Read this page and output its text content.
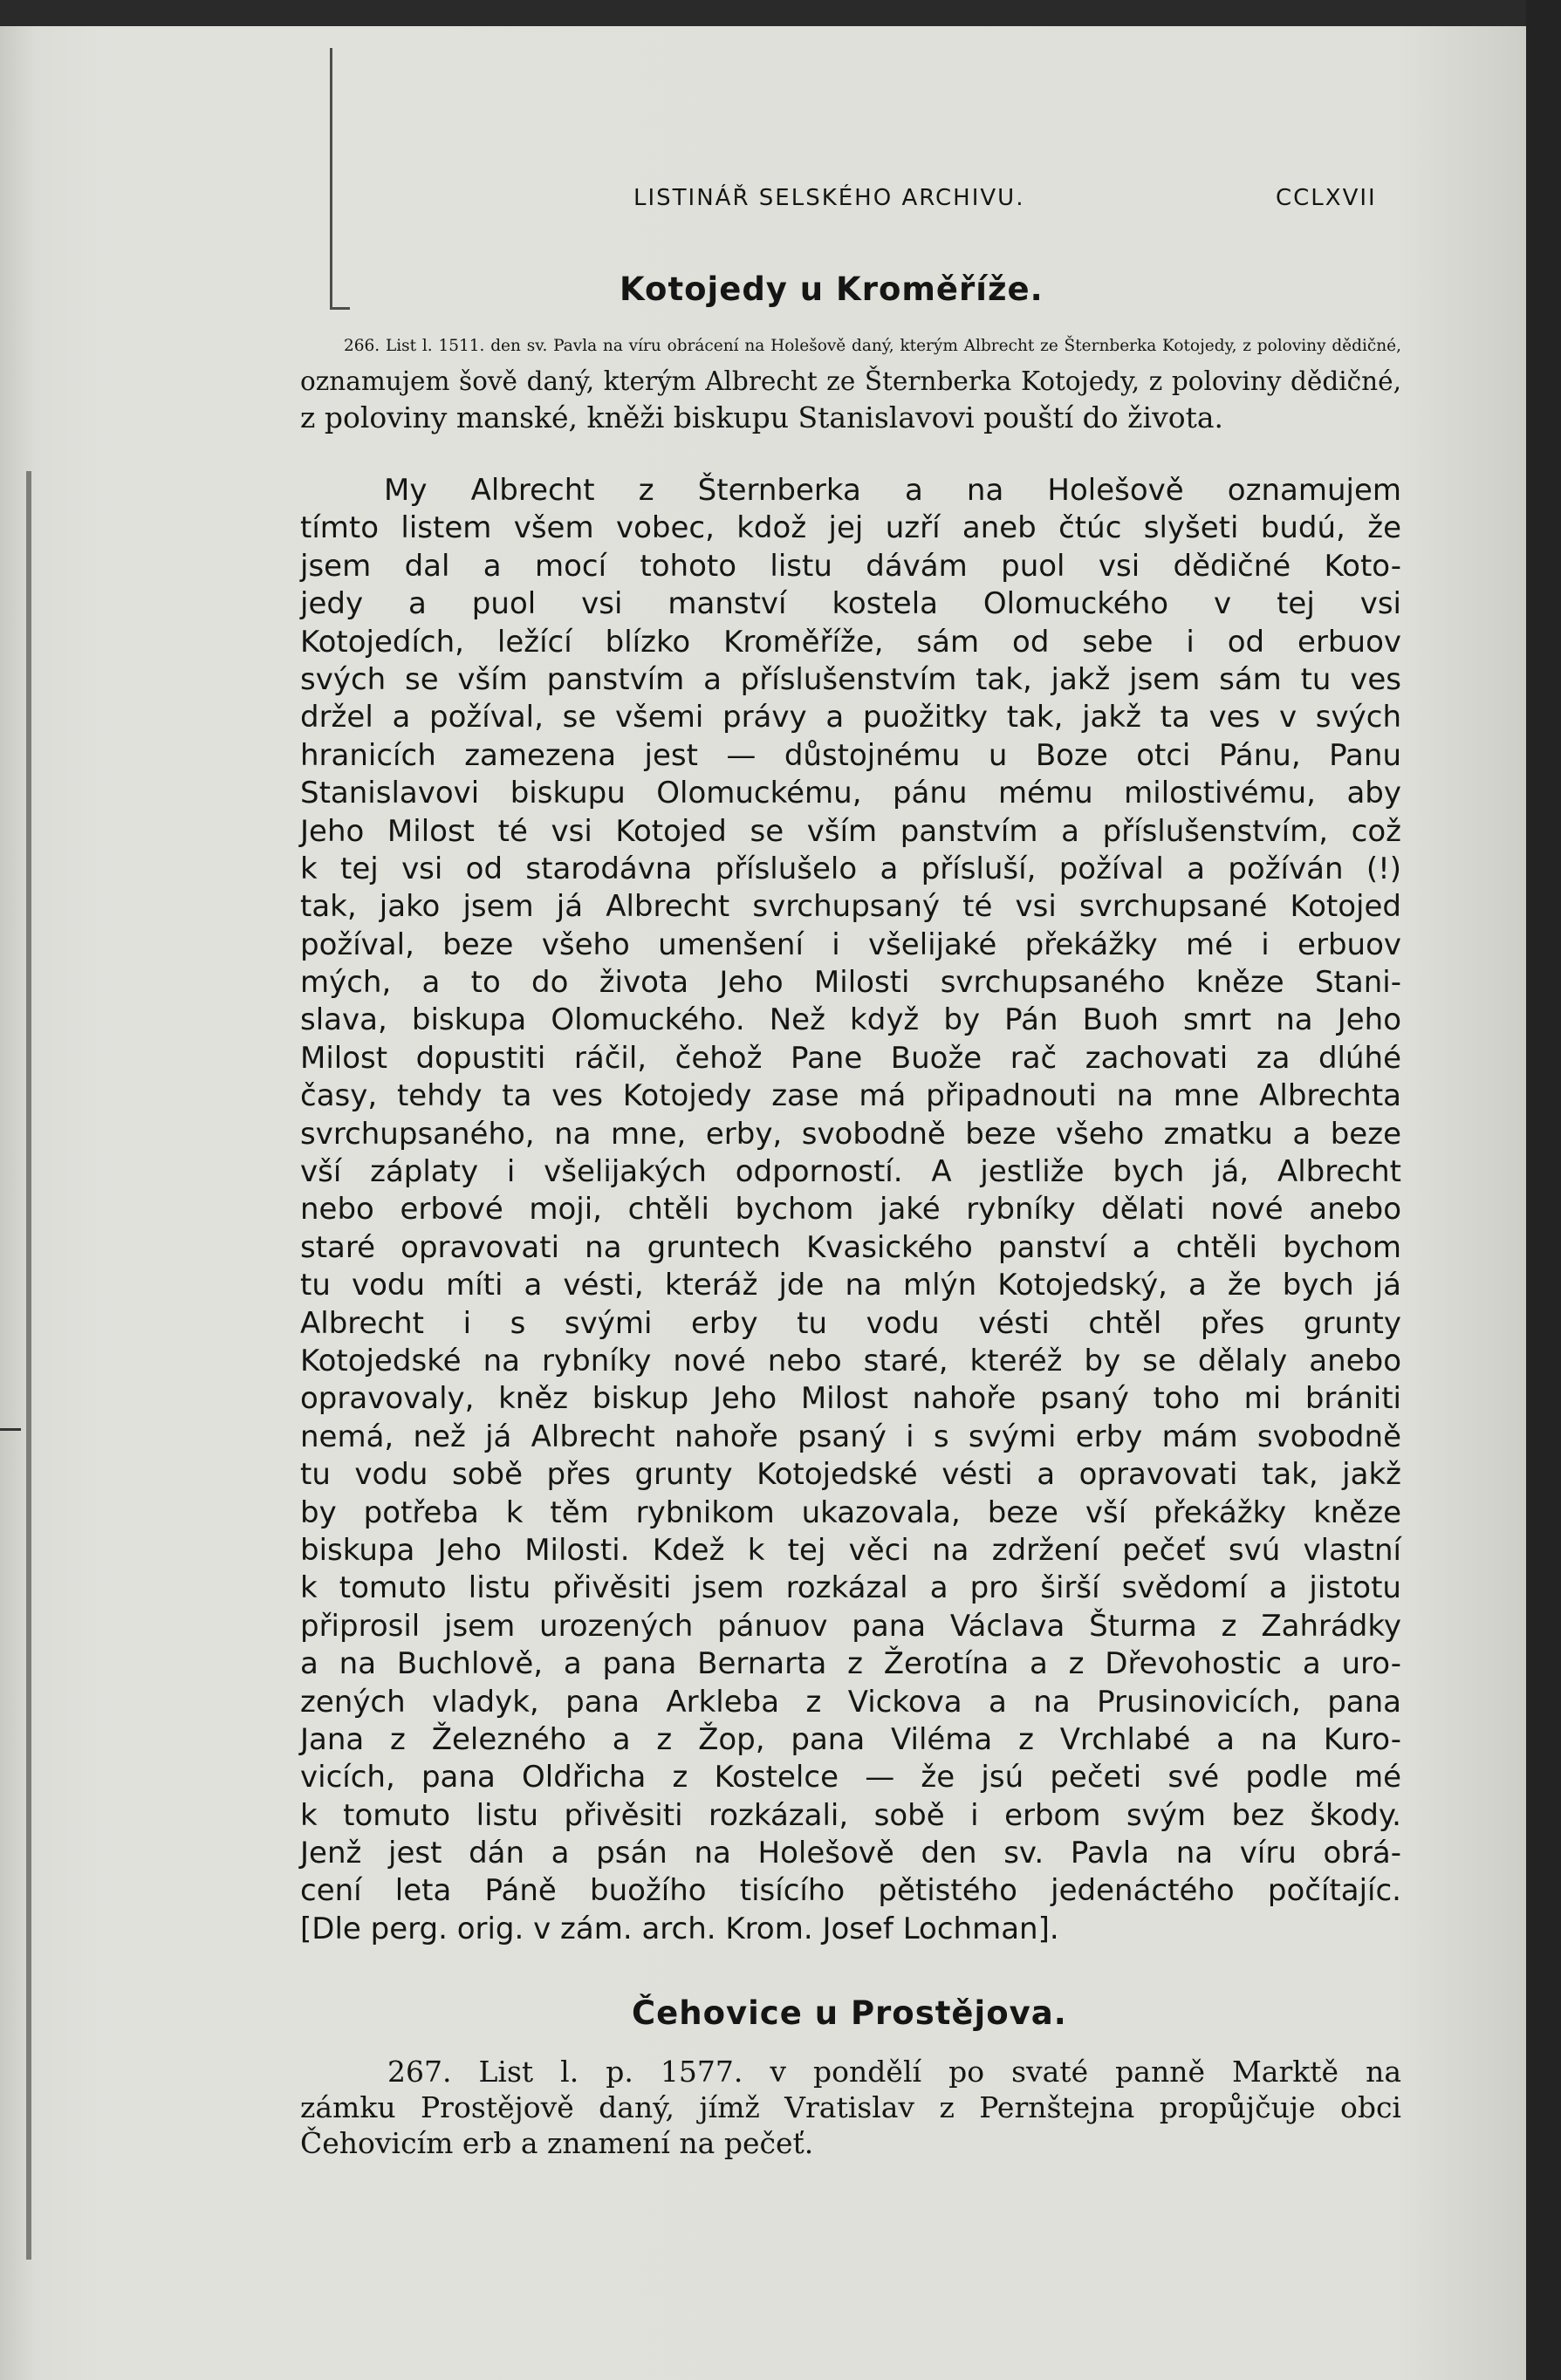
LISTINÁŘ SELSKÉHO ARCHIVU.	CCLXVII
Kotojedy u Kroměříže.
266. List l. 1511. den sv. Pavla na víru obrácení na Holešově daný, kterým Albrecht ze Šternberka Kotojedy, z poloviny dědičné,
oznamujem šově daný, kterým Albrecht ze Šternberka Kotojedy, z poloviny dědičné,
z poloviny manské, kněži biskupu Stanislavovi pouští do života.
My Albrecht z Šternberka a na Holešově oznamujem
tímto listem všem vobec, kdož jej uzří aneb čtúc slyšeti budú, že
jsem dal a mocí tohoto listu dávám puol vsi dědičné Koto-
jedy a puol vsi manství kostela Olomuckého v tej vsi
Kotojedích, ležící blízko Kroměříže, sám od sebe i od erbuov
svých se vším panstvím a příslušenstvím tak, jakž jsem sám tu ves
držel a požíval, se všemi právy a puožitky tak, jakž ta ves v svých
hranicích zamezena jest — důstojnému u Boze otci Pánu, Panu
Stanislavovi biskupu Olomuckému, pánu mému milostivému, aby
Jeho Milost té vsi Kotojed se vším panstvím a příslušenstvím, což
k tej vsi od starodávna příslušelo a přísluší, požíval a požíván (!)
tak, jako jsem já Albrecht svrchupsaný té vsi svrchupsané Kotojed
požíval, beze všeho umenšení i všelijaké překážky mé i erbuov
mých, a to do života Jeho Milosti svrchupsaného kněze Stani-
slava, biskupa Olomuckého. Než když by Pán Buoh smrt na Jeho
Milost dopustiti ráčil, čehož Pane Buože rač zachovati za dlúhé
časy, tehdy ta ves Kotojedy zase má připadnouti na mne Albrechta
svrchupsaného, na mne, erby, svobodně beze všeho zmatku a beze
vší záplaty i všelijakých odporností. A jestliže bych já, Albrecht
nebo erbové moji, chtěli bychom jaké rybníky dělati nové anebo
staré opravovati na gruntech Kvasického panství a chtěli bychom
tu vodu míti a vésti, kteráž jde na mlýn Kotojedský, a že bych já
Albrecht i s svými erby tu vodu vésti chtěl přes grunty
Kotojedské na rybníky nové nebo staré, kteréž by se dělaly anebo
opravovaly, kněz biskup Jeho Milost nahoře psaný toho mi brániti
nemá, než já Albrecht nahoře psaný i s svými erby mám svobodně
tu vodu sobě přes grunty Kotojedské vésti a opravovati tak, jakž
by potřeba k těm rybnikom ukazovala, beze vší překážky kněze
biskupa Jeho Milosti. Kdež k tej věci na zdržení pečeť svú vlastní
k tomuto listu přivěsiti jsem rozkázal a pro širší svědomí a jistotu
připrosil jsem urozených pánuov pana Václava Šturma z Zahrádky
a na Buchlově, a pana Bernarta z Žerotína a z Dřevohostic a uro-
zených vladyk, pana Arkleba z Vickova a na Prusinovicích, pana
Jana z Železného a z Žop, pana Viléma z Vrchlabé a na Kuro-
vicích, pana Oldřicha z Kostelce — že jsú pečeti své podle mé
k tomuto listu přivěsiti rozkázali, sobě i erbom svým bez škody.
Jenž jest dán a psán na Holešově den sv. Pavla na víru obrá-
cení leta Páně buožího tisícího pětistého jedenáctého počítajíc.
[Dle perg. orig. v zám. arch. Krom. Josef Lochman].
Čehovice u Prostějova.
267. List l. p. 1577. v pondělí po svaté panně Marktě na
zámku Prostějově daný, jímž Vratislav z Pernštejna propůjčuje obci
Čehovicím erb a znamení na pečeť.
